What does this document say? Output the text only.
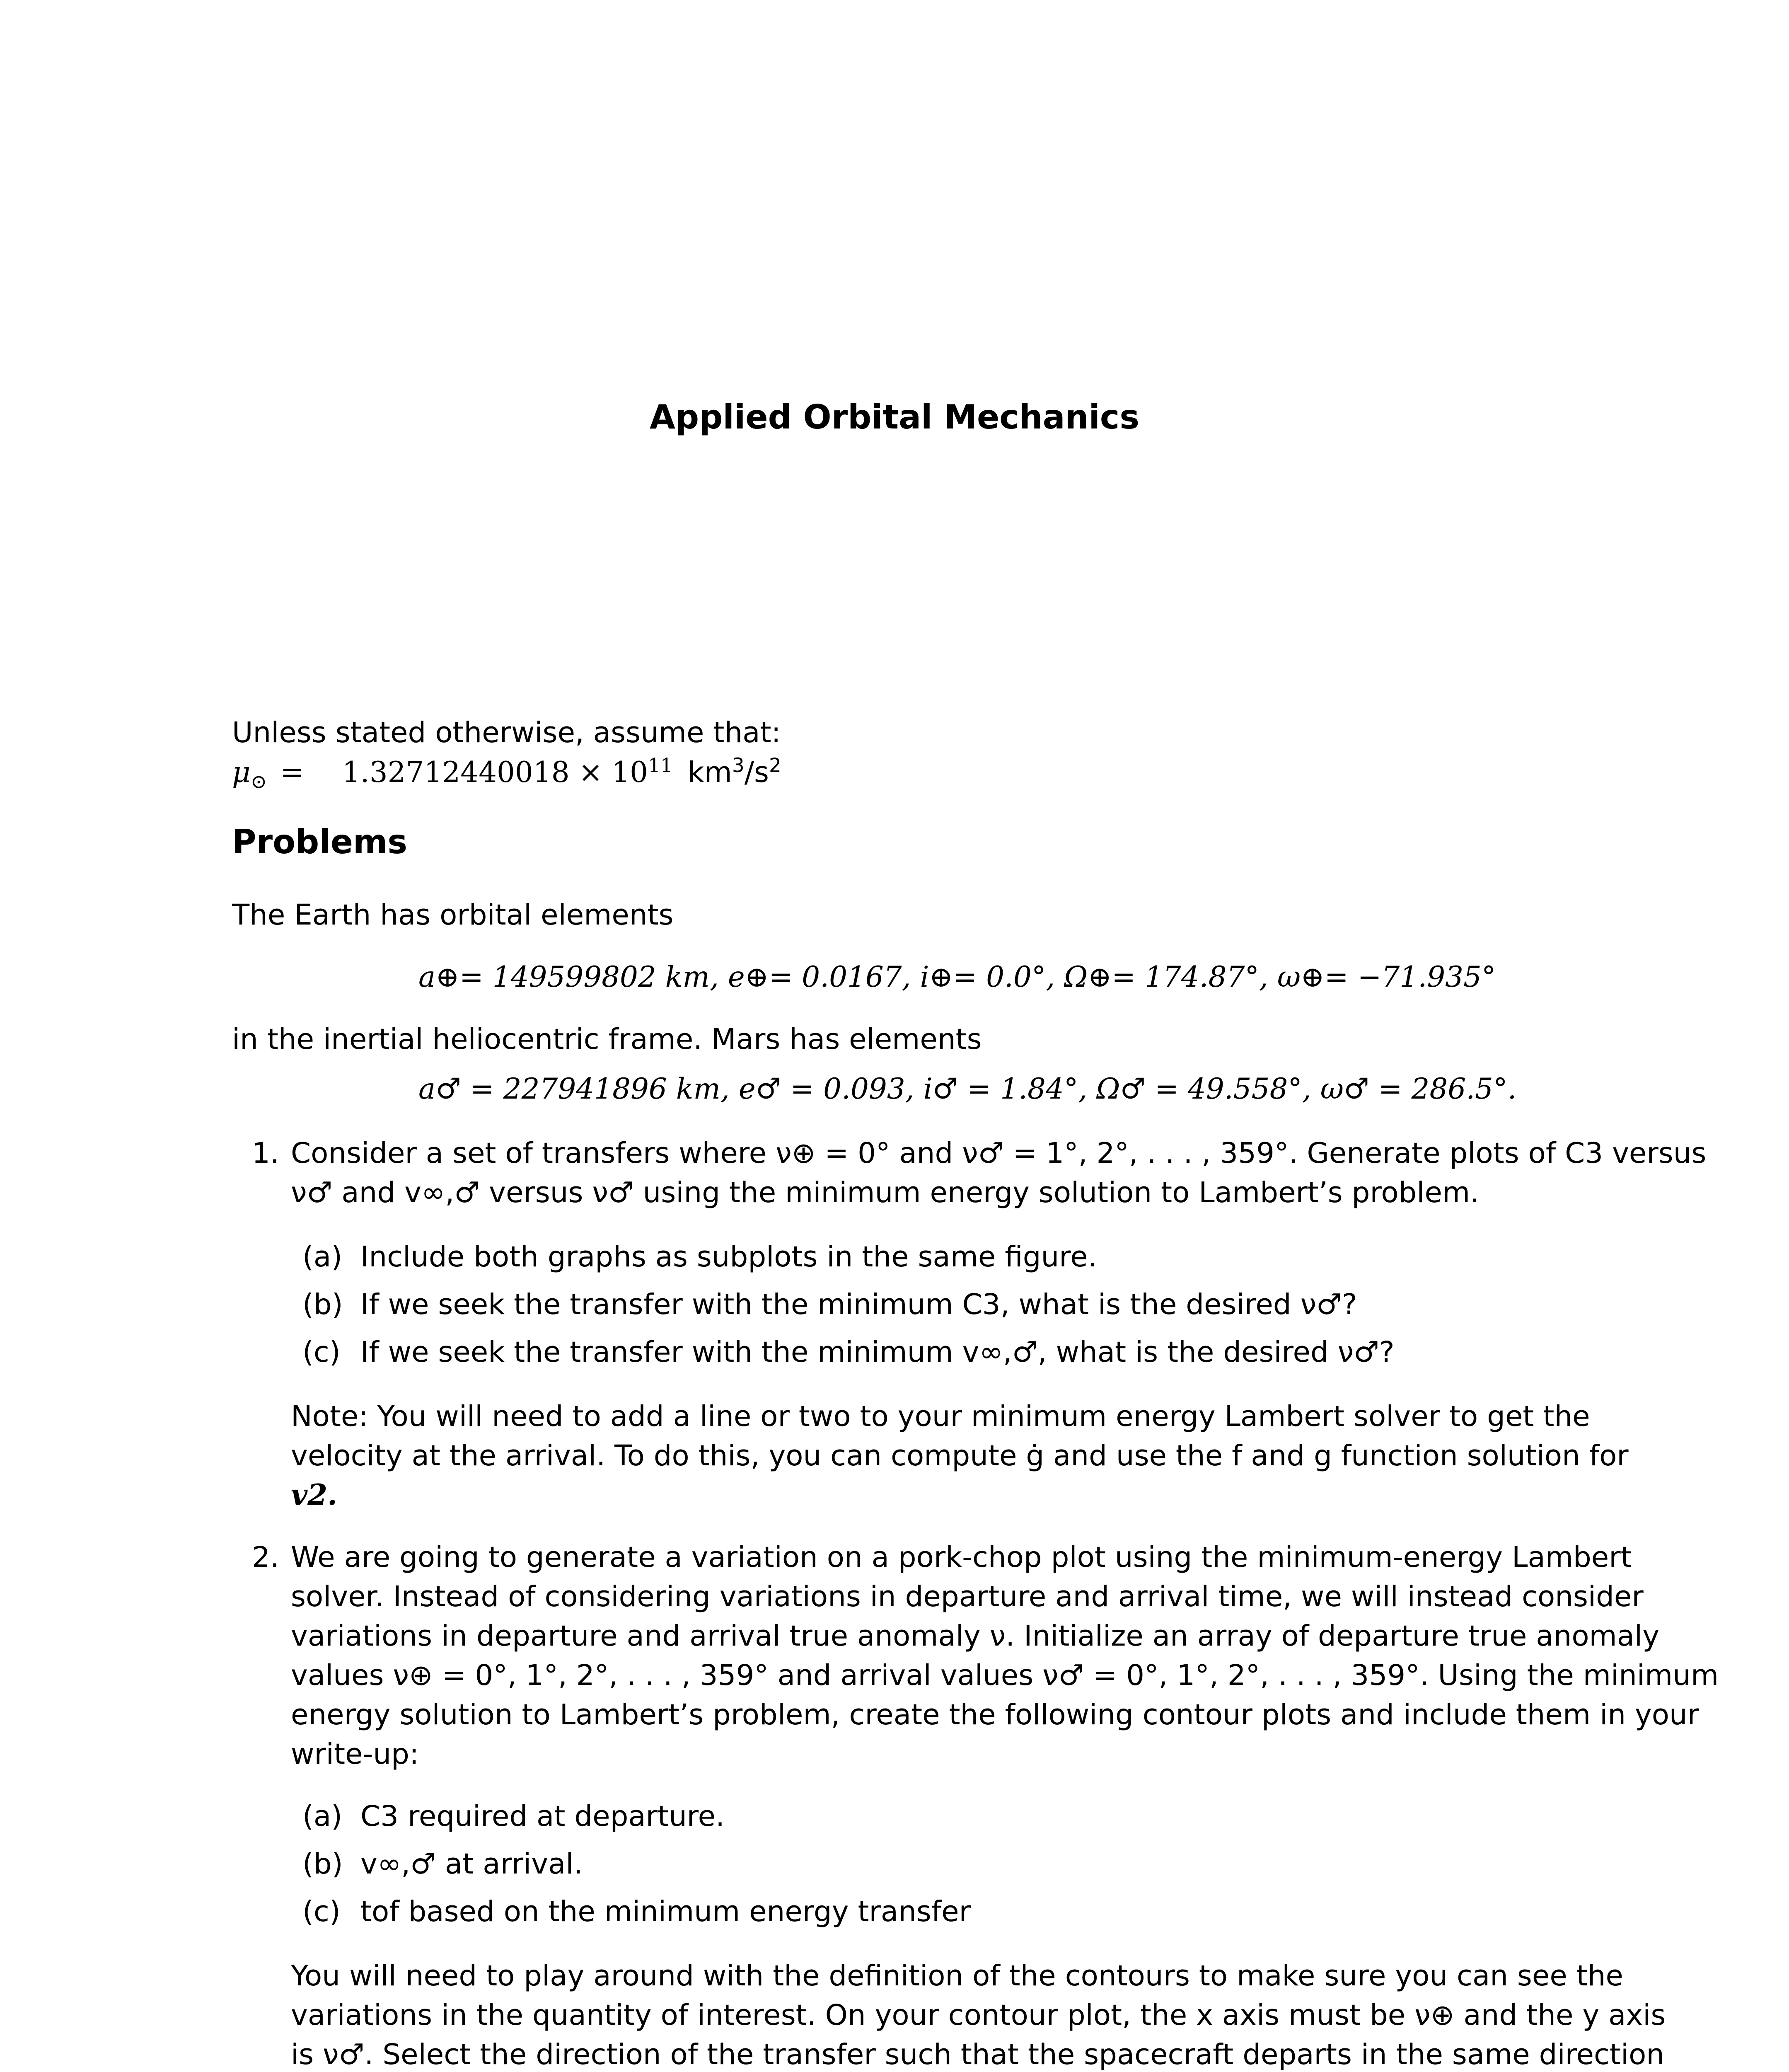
Applied Orbital Mechanics
Unless stated otherwise, assume that:
$\mu_⊙ = 1.32712440018 \times 10^{11}$ $km^3/s^2$
Problems
The Earth has orbital elements
a⊕= 149599802 km, e⊕= 0.0167, i⊕= 0.0°, Ω⊕= 174.87°, ω⊕= −71.935°
in the inertial heliocentric frame. Mars has elements
a♂ = 227941896 km, e♂ = 0.093, i♂ = 1.84°, Ω♂ = 49.558°, ω♂ = 286.5°.
1. Consider a set of transfers where ν⊕ = 0° and ν♂ = 1°, 2°, . . . , 359°. Generate plots of C3 versus
ν♂ and v∞,♂ versus ν♂ using the minimum energy solution to Lambert’s problem.
(a) Include both graphs as subplots in the same figure.
(b) If we seek the transfer with the minimum C3, what is the desired ν♂?
(c) If we seek the transfer with the minimum v∞,♂, what is the desired ν♂?
Note: You will need to add a line or two to your minimum energy Lambert solver to get the
velocity at the arrival. To do this, you can compute ġ and use the f and g function solution for
v2.
2. We are going to generate a variation on a pork-chop plot using the minimum-energy Lambert
solver. Instead of considering variations in departure and arrival time, we will instead consider
variations in departure and arrival true anomaly ν. Initialize an array of departure true anomaly
values ν⊕ = 0°, 1°, 2°, . . . , 359° and arrival values ν♂ = 0°, 1°, 2°, . . . , 359°. Using the minimum
energy solution to Lambert’s problem, create the following contour plots and include them in your
write-up:
(a) C3 required at departure.
(b) v∞,♂ at arrival.
(c) tof based on the minimum energy transfer
You will need to play around with the definition of the contours to make sure you can see the
variations in the quantity of interest. On your contour plot, the x axis must be ν⊕ and the y axis
is ν♂. Select the direction of the transfer such that the spacecraft departs in the same direction
